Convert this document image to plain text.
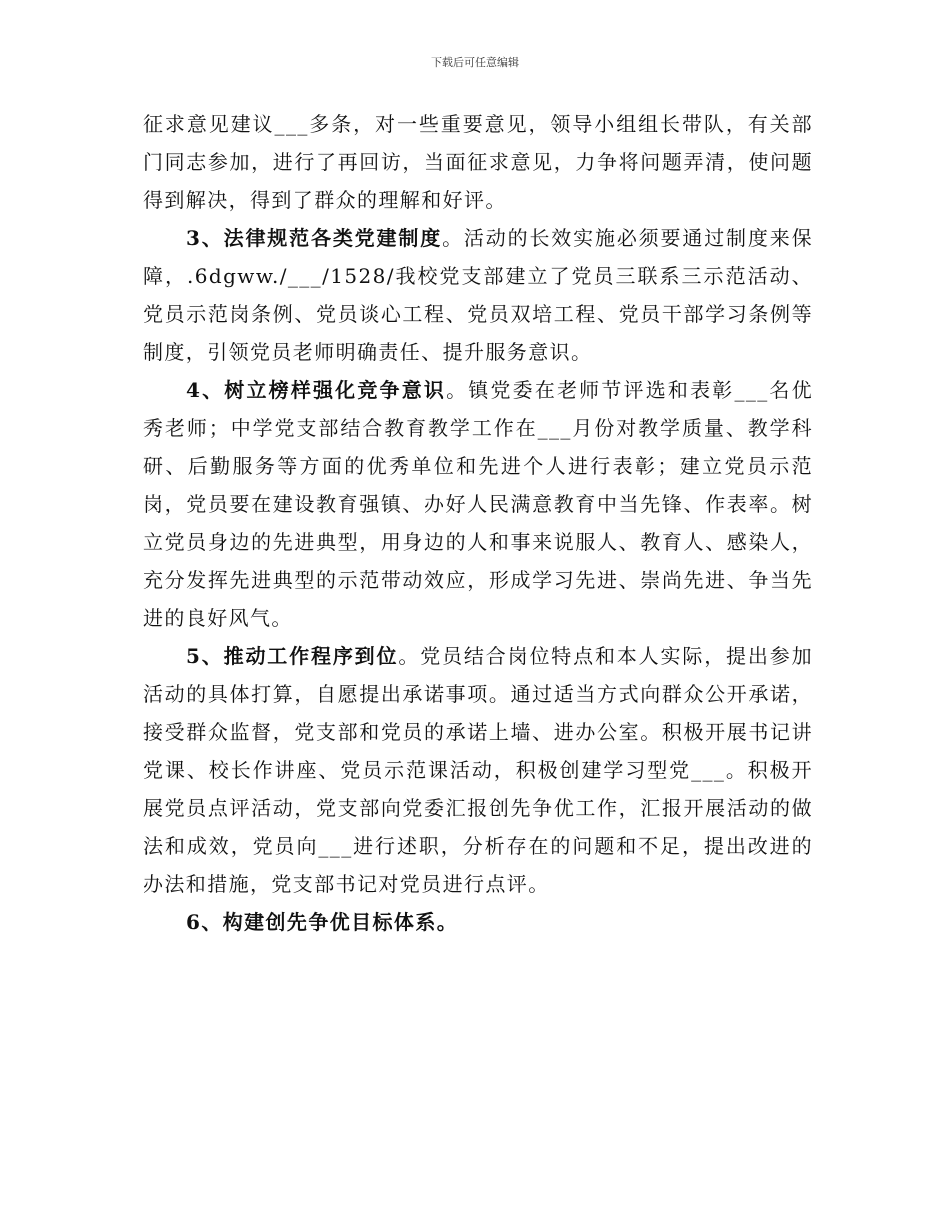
下载后可任意编辑

征求意见建议___多条，对一些重要意见，领导小组组长带队，有关部门同志参加，进行了再回访，当面征求意见，力争将问题弄清，使问题得到解决，得到了群众的理解和好评。

3、法律规范各类党建制度。活动的长效实施必须要通过制度来保障，.6dgww./___/1528/我校党支部建立了党员三联系三示范活动、党员示范岗条例、党员谈心工程、党员双培工程、党员干部学习条例等制度，引领党员老师明确责任、提升服务意识。

4、树立榜样强化竞争意识。镇党委在老师节评选和表彰___名优秀老师；中学党支部结合教育教学工作在___月份对教学质量、教学科研、后勤服务等方面的优秀单位和先进个人进行表彰；建立党员示范岗，党员要在建设教育强镇、办好人民满意教育中当先锋、作表率。树立党员身边的先进典型，用身边的人和事来说服人、教育人、感染人，充分发挥先进典型的示范带动效应，形成学习先进、崇尚先进、争当先进的良好风气。

5、推动工作程序到位。党员结合岗位特点和本人实际，提出参加活动的具体打算，自愿提出承诺事项。通过适当方式向群众公开承诺，接受群众监督，党支部和党员的承诺上墙、进办公室。积极开展书记讲党课、校长作讲座、党员示范课活动，积极创建学习型党___。积极开展党员点评活动，党支部向党委汇报创先争优工作，汇报开展活动的做法和成效，党员向___进行述职，分析存在的问题和不足，提出改进的办法和措施，党支部书记对党员进行点评。

6、构建创先争优目标体系。
